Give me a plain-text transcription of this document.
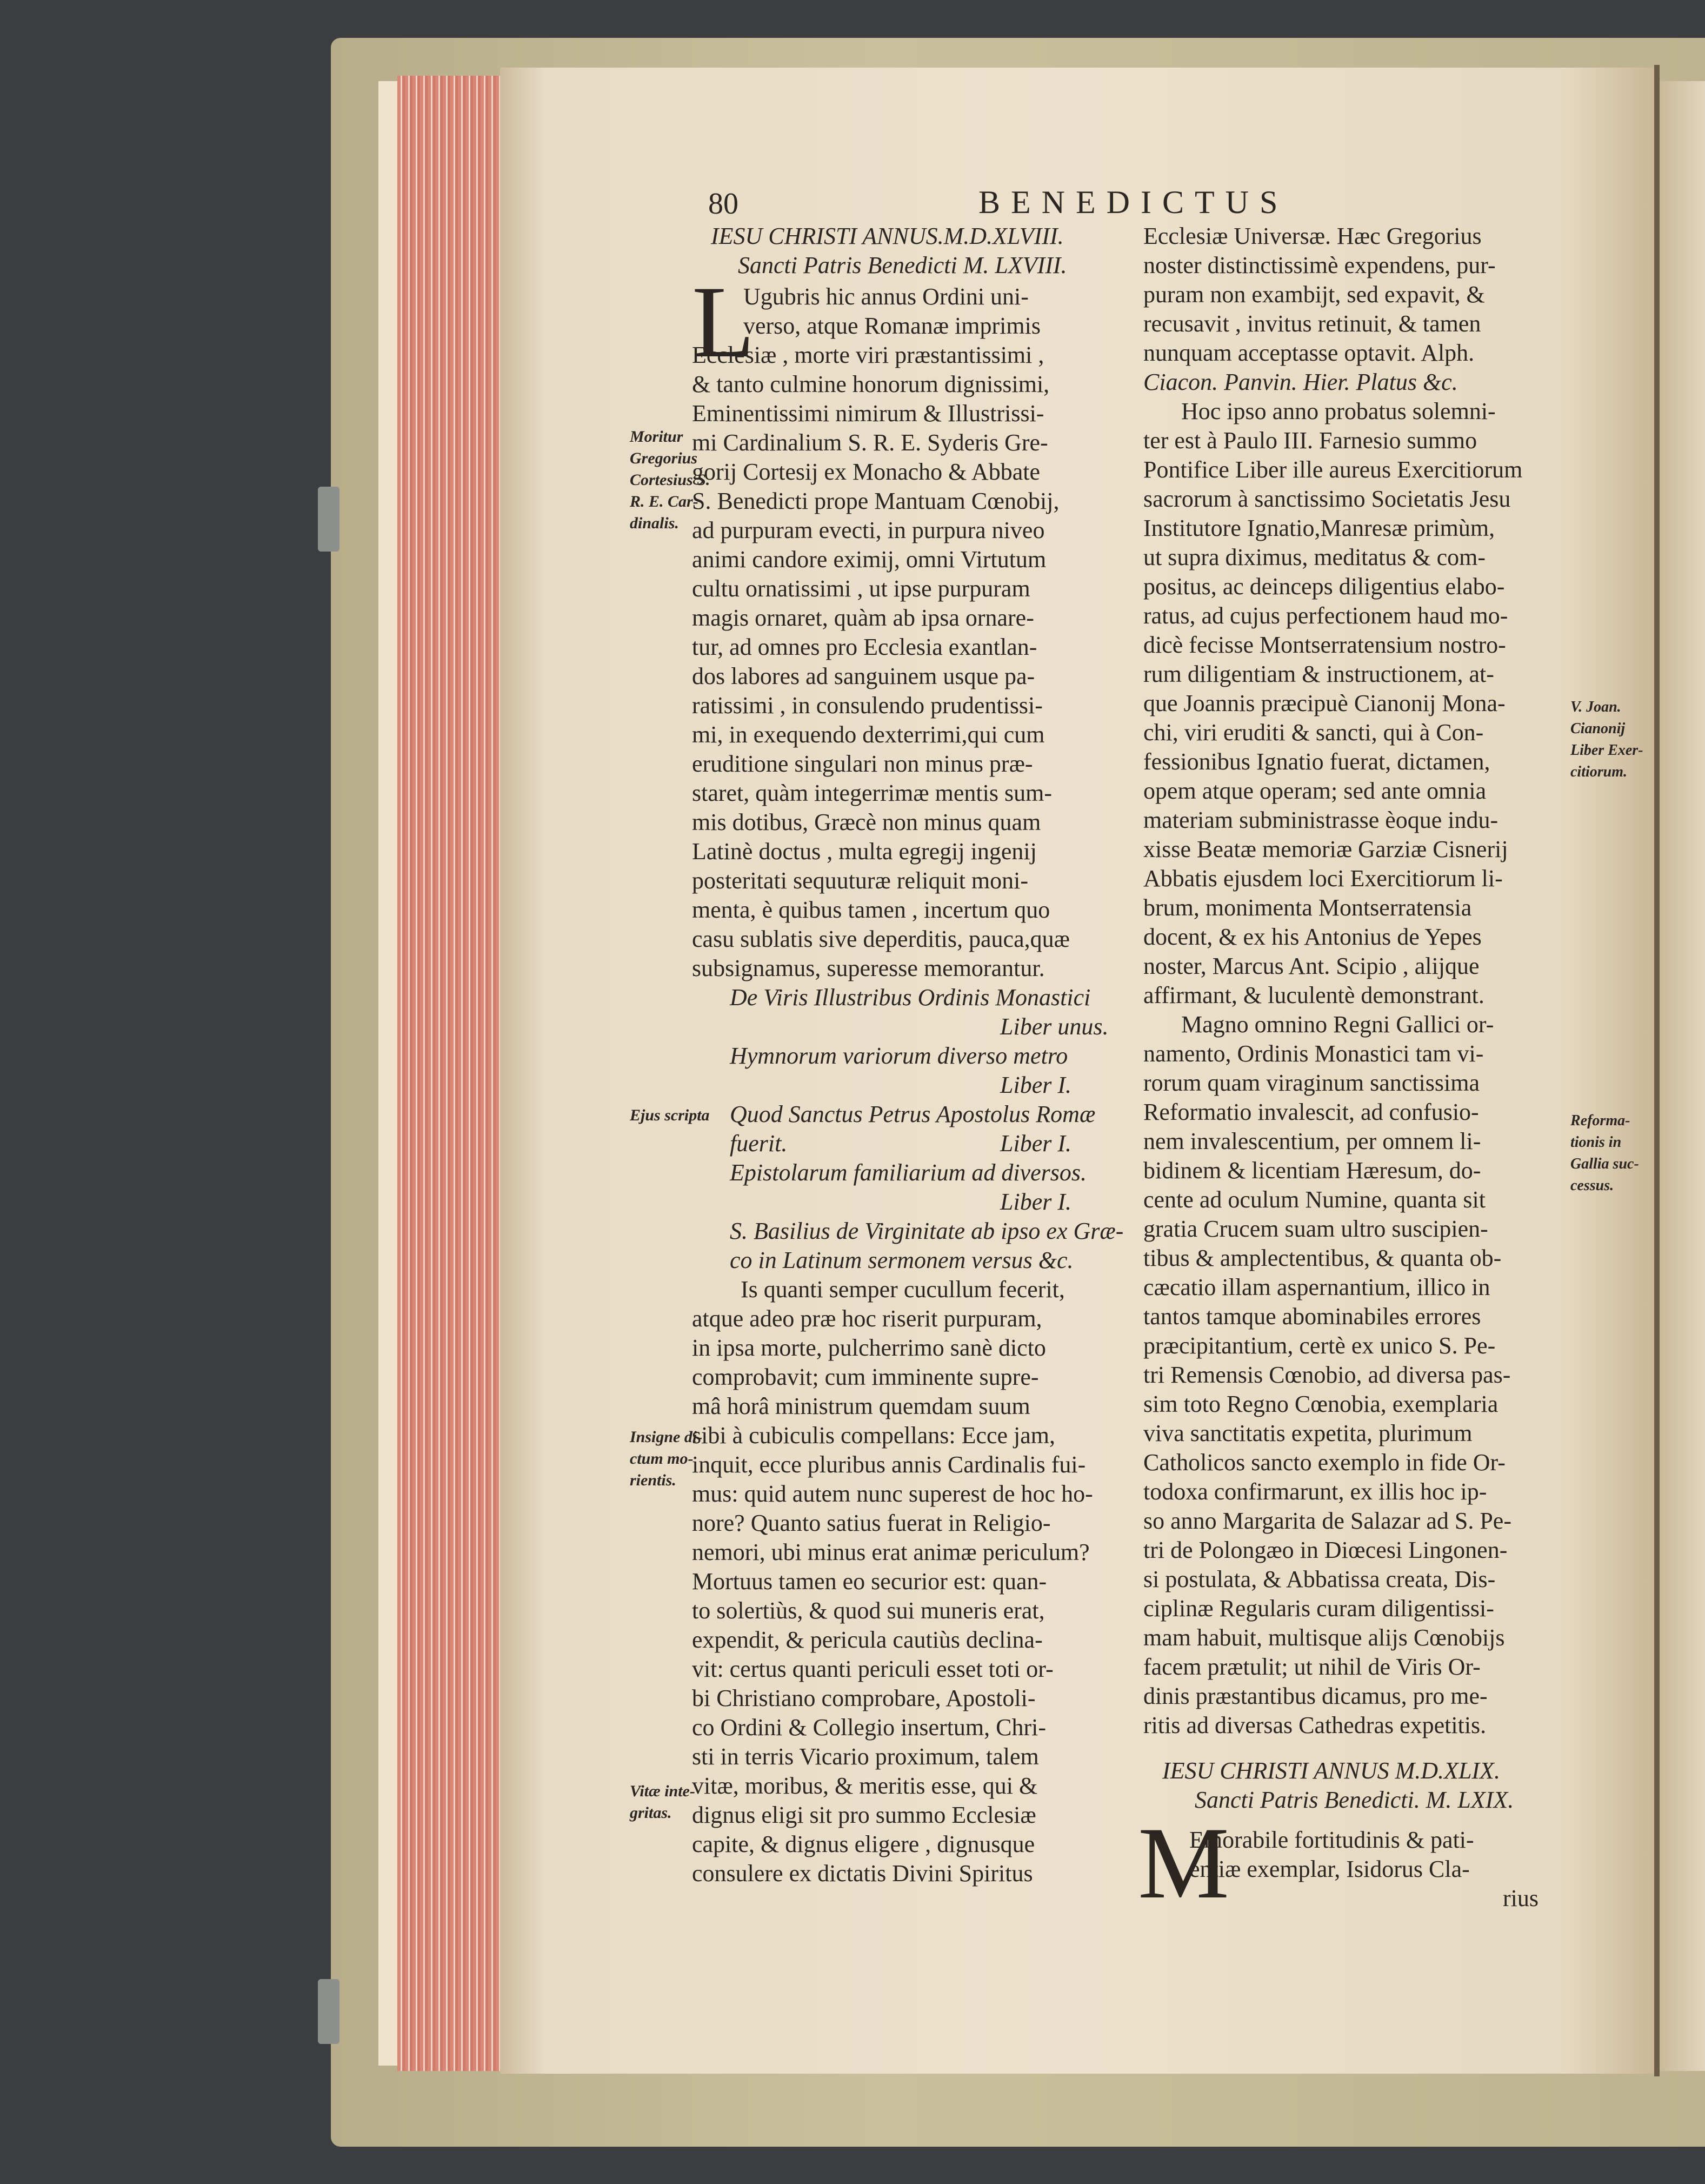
80	BENEDICTUS
IESU CHRISTI ANNUS.M.D.XLVIII.
Sancti Patris Benedicti M. LXVIII.
L
Ugubris hic annus Ordini uni-
verso, atque Romanæ imprimis
Ecclesiæ , morte viri præstantissimi ,
& tanto culmine honorum dignissimi,
Eminentissimi nimirum & Illustrissi-
mi Cardinalium S. R. E. Syderis Gre-
gorij Cortesij ex Monacho & Abbate
S. Benedicti prope Mantuam Cœnobij,
ad purpuram evecti, in purpura niveo
animi candore eximij, omni Virtutum
cultu ornatissimi , ut ipse purpuram
magis ornaret, quàm ab ipsa ornare-
tur, ad omnes pro Ecclesia exantlan-
dos labores ad sanguinem usque pa-
ratissimi , in consulendo prudentissi-
mi, in exequendo dexterrimi,qui cum
eruditione singulari non minus præ-
staret, quàm integerrimæ mentis sum-
mis dotibus, Græcè non minus quam
Latinè doctus , multa egregij ingenij
posteritati sequuturæ reliquit moni-
menta, è quibus tamen , incertum quo
casu sublatis sive deperditis, pauca,quæ
subsignamus, superesse memorantur.
De Viris Illustribus Ordinis Monastici
Liber unus.
Hymnorum variorum diverso metro
Liber I.
Quod Sanctus Petrus Apostolus Romæ
fuerit.	Liber I.
Epistolarum familiarium ad diversos.
Liber I.
S. Basilius de Virginitate ab ipso ex Græ-
co in Latinum sermonem versus &c.
Is quanti semper cucullum fecerit,
atque adeo præ hoc riserit purpuram,
in ipsa morte, pulcherrimo sanè dicto
comprobavit; cum imminente supre-
mâ horâ ministrum quemdam suum
sibi à cubiculis compellans: Ecce jam,
inquit, ecce pluribus annis Cardinalis fui-
mus: quid autem nunc superest de hoc ho-
nore? Quanto satius fuerat in Religio-
nemori, ubi minus erat animæ periculum?
Mortuus tamen eo securior est: quan-
to solertiùs, & quod sui muneris erat,
expendit, & pericula cautiùs declina-
vit: certus quanti periculi esset toti or-
bi Christiano comprobare, Apostoli-
co Ordini & Collegio insertum, Chri-
sti in terris Vicario proximum, talem
vitæ, moribus, & meritis esse, qui &
dignus eligi sit pro summo Ecclesiæ
capite, & dignus eligere , dignusque
consulere ex dictatis Divini Spiritus
Ecclesiæ Universæ. Hæc Gregorius
noster distinctissimè expendens, pur-
puram non exambijt, sed expavit, &
recusavit , invitus retinuit, & tamen
nunquam acceptasse optavit. Alph.
Ciacon. Panvin. Hier. Platus &c.
Hoc ipso anno probatus solemni-
ter est à Paulo III. Farnesio summo
Pontifice Liber ille aureus Exercitiorum
sacrorum à sanctissimo Societatis Jesu
Institutore Ignatio,Manresæ primùm,
ut supra diximus, meditatus & com-
positus, ac deinceps diligentius elabo-
ratus, ad cujus perfectionem haud mo-
dicè fecisse Montserratensium nostro-
rum diligentiam & instructionem, at-
que Joannis præcipuè Cianonij Mona-
chi, viri eruditi & sancti, qui à Con-
fessionibus Ignatio fuerat, dictamen,
opem atque operam; sed ante omnia
materiam subministrasse èoque indu-
xisse Beatæ memoriæ Garziæ Cisnerij
Abbatis ejusdem loci Exercitiorum li-
brum, monimenta Montserratensia
docent, & ex his Antonius de Yepes
noster, Marcus Ant. Scipio , alijque
affirmant, & luculentè demonstrant.
Magno omnino Regni Gallici or-
namento, Ordinis Monastici tam vi-
rorum quam viraginum sanctissima
Reformatio invalescit, ad confusio-
nem invalescentium, per omnem li-
bidinem & licentiam Hæresum, do-
cente ad oculum Numine, quanta sit
gratia Crucem suam ultro suscipien-
tibus & amplectentibus, & quanta ob-
cæcatio illam aspernantium, illico in
tantos tamque abominabiles errores
præcipitantium, certè ex unico S. Pe-
tri Remensis Cœnobio, ad diversa pas-
sim toto Regno Cœnobia, exemplaria
viva sanctitatis expetita, plurimum
Catholicos sancto exemplo in fide Or-
todoxa confirmarunt, ex illis hoc ip-
so anno Margarita de Salazar ad S. Pe-
tri de Polongæo in Diœcesi Lingonen-
si postulata, & Abbatissa creata, Dis-
ciplinæ Regularis curam diligentissi-
mam habuit, multisque alijs Cœnobijs
facem prætulit; ut nihil de Viris Or-
dinis præstantibus dicamus, pro me-
ritis ad diversas Cathedras expetitis.
IESU CHRISTI ANNUS M.D.XLIX.
Sancti Patris Benedicti. M. LXIX.
M
Emorabile fortitudinis & pati-
entiæ exemplar, Isidorus Cla-
rius
Moritur
Gregorius
Cortesius S.
R. E. Car-
dinalis.
Ejus scripta
Insigne di-
ctum mo-
rientis.
Vitæ inte-
gritas.
V. Joan.
Cianonij
Liber Exer-
citiorum.
Reforma-
tionis in
Gallia suc-
cessus.
